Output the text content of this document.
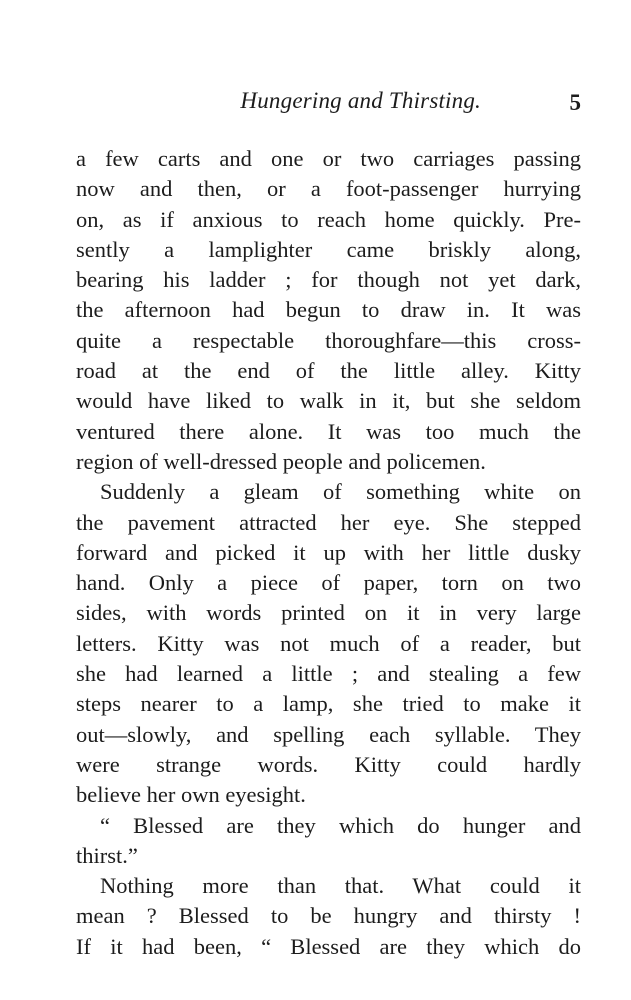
Hungering and Thirsting.	5
a few carts and one or two carriages passing
now and then, or a foot-passenger hurrying
on, as if anxious to reach home quickly. Pre-
sently a lamplighter came briskly along,
bearing his ladder ; for though not yet dark,
the afternoon had begun to draw in. It was
quite a respectable thoroughfare—this cross-
road at the end of the little alley. Kitty
would have liked to walk in it, but she seldom
ventured there alone. It was too much the
region of well-dressed people and policemen.
Suddenly a gleam of something white on
the pavement attracted her eye. She stepped
forward and picked it up with her little dusky
hand. Only a piece of paper, torn on two
sides, with words printed on it in very large
letters. Kitty was not much of a reader, but
she had learned a little ; and stealing a few
steps nearer to a lamp, she tried to make it
out—slowly, and spelling each syllable. They
were strange words. Kitty could hardly
believe her own eyesight.
“ Blessed are they which do hunger and
thirst.”
Nothing more than that. What could it
mean ? Blessed to be hungry and thirsty !
If it had been, “ Blessed are they which do
